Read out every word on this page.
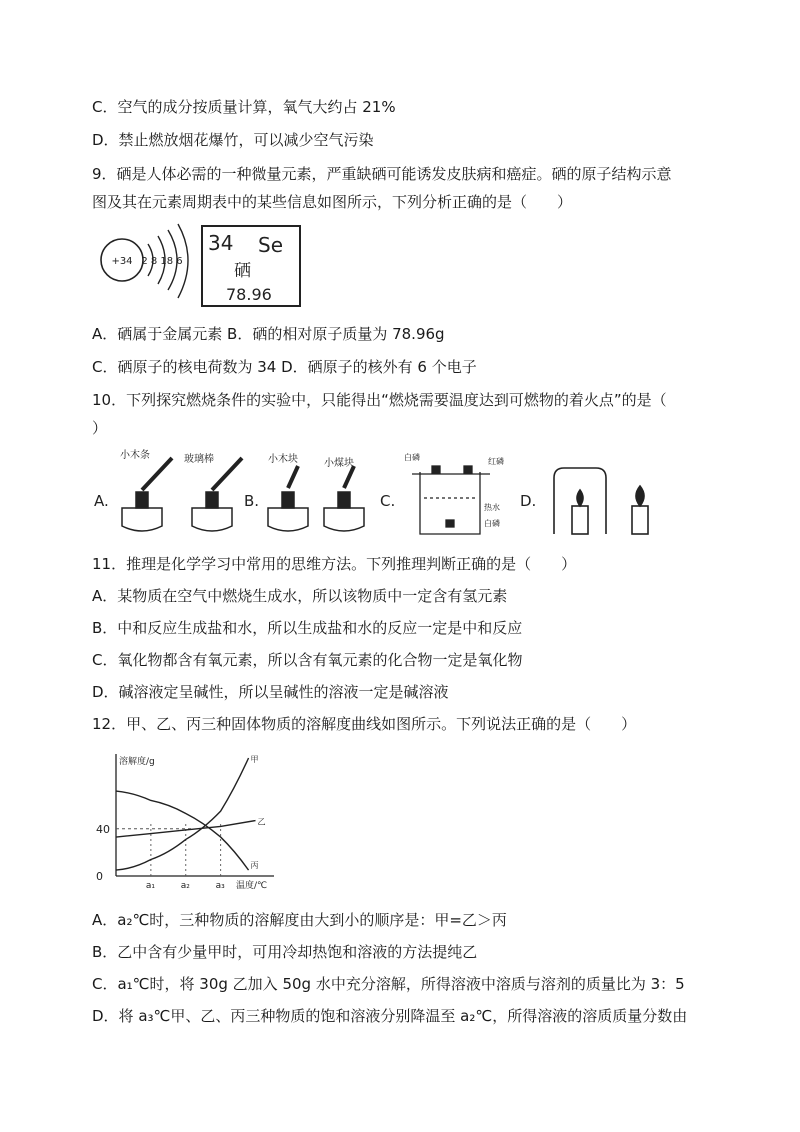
C．空气的成分按质量计算，氧气大约占 21%
D．禁止燃放烟花爆竹，可以减少空气污染
9．硒是人体必需的一种微量元素，严重缺硒可能诱发皮肤病和癌症。硒的原子结构示意
图及其在元素周期表中的某些信息如图所示，下列分析正确的是（　　）
+34 2 8 18 6
34 Se
硒
78.96
A．硒属于金属元素 B．硒的相对原子质量为 78.96g
C．硒原子的核电荷数为 34 D．硒原子的核外有 6 个电子
10．下列探究燃烧条件的实验中，只能得出“燃烧需要温度达到可燃物的着火点”的是（
）
A.
小木条	玻璃棒
B.
小木块	小煤块
C.
白磷	红磷
热水
白磷
D.
11．推理是化学学习中常用的思维方法。下列推理判断正确的是（　　）
A．某物质在空气中燃烧生成水，所以该物质中一定含有氢元素
B．中和反应生成盐和水，所以生成盐和水的反应一定是中和反应
C．氧化物都含有氧元素，所以含有氧元素的化合物一定是氧化物
D．碱溶液定呈碱性，所以呈碱性的溶液一定是碱溶液
12．甲、乙、丙三种固体物质的溶解度曲线如图所示。下列说法正确的是（　　）
溶解度/g
温度/℃
0
40
a₁	a₂	a₃
甲
乙
丙
A．a₂℃时，三种物质的溶解度由大到小的顺序是：甲=乙＞丙
B．乙中含有少量甲时，可用冷却热饱和溶液的方法提纯乙
C．a₁℃时，将 30g 乙加入 50g 水中充分溶解，所得溶液中溶质与溶剂的质量比为 3：5
D．将 a₃℃甲、乙、丙三种物质的饱和溶液分别降温至 a₂℃，所得溶液的溶质质量分数由
